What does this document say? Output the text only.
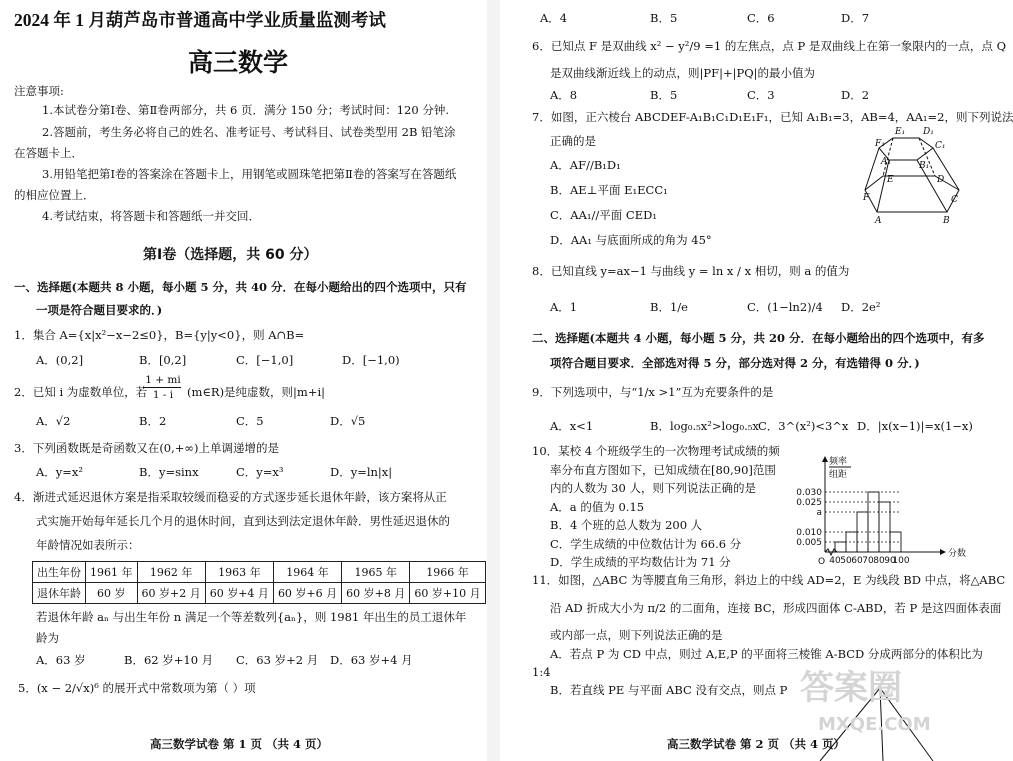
2024 年 1 月葫芦岛市普通高中学业质量监测考试
高三数学
注意事项:
1.本试卷分第Ⅰ卷、第Ⅱ卷两部分，共 6 页．满分 150 分；考试时间：120 分钟.
2.答题前，考生务必将自己的姓名、准考证号、考试科目、试卷类型用 2B 铅笔涂
在答题卡上．
3.用铅笔把第Ⅰ卷的答案涂在答题卡上，用钢笔或圆珠笔把第Ⅱ卷的答案写在答题纸
的相应位置上．
4.考试结束，将答题卡和答题纸一并交回．
第Ⅰ卷（选择题，共 60 分）
一、选择题(本题共 8 小题，每小题 5 分，共 40 分．在每小题给出的四个选项中，只有
一项是符合题目要求的．)
1．集合 A={x|x²−x−2≤0}，B={y|y<0}，则 A∩B=
A．(0,2]	B．[0,2]	C．[−1,0]	D．[−1,0)
2．已知 i 为虚数单位，若
1 + mi
1 - i	(m∈R)是纯虚数，则|m+i|
A．√2	B．2	C．5	D．√5
3．下列函数既是奇函数又在(0,+∞)上单调递增的是
A．y=x²	B．y=sinx	C．y=x³	D．y=ln|x|
4．渐进式延迟退休方案是指采取较缓而稳妥的方式逐步延长退休年龄，该方案将从正
式实施开始每年延长几个月的退休时间，直到达到法定退休年龄．男性延迟退休的
年龄情况如表所示：
出生年份	1961 年	1962 年	1963 年	1964 年	1965 年	1966 年
退休年龄	60 岁	60 岁+2 月	60 岁+4 月	60 岁+6 月	60 岁+8 月	60 岁+10 月
若退休年龄 aₙ 与出生年份 n 满足一个等差数列{aₙ}，则 1981 年出生的员工退休年
龄为
A．63 岁	B．62 岁+10 月 C．63 岁+2 月 D．63 岁+4 月
5．(x − 2/√x)⁶ 的展开式中常数项为第（ ）项
高三数学试卷 第 1 页 （共 4 页）
A．4	B．5	C．6	D．7
6．已知点 F 是双曲线 x² − y²/9 =1 的左焦点，点 P 是双曲线上在第一象限内的一点，点 Q
是双曲线渐近线上的动点，则|PF|+|PQ|的最小值为
A．8	B．5	C．3	D．2
7．如图，正六棱台 ABCDEF-A₁B₁C₁D₁E₁F₁，已知 A₁B₁=3，AB=4，AA₁=2，则下列说法
正确的是
A．AF//B₁D₁
B．AE⊥平面 E₁ECC₁
C．AA₁//平面 CED₁
D．AA₁ 与底面所成的角为 45°
E₁ D₁
F₁	C₁
A₁	B₁
E	D
F	C
A	B
8．已知直线 y=ax−1 与曲线 y = ln x / x 相切，则 a 的值为
A．1	B．1/e	C．(1−ln2)/4 D．2e²
二、选择题(本题共 4 小题，每小题 5 分，共 20 分．在每小题给出的四个选项中，有多
项符合题目要求．全部选对得 5 分，部分选对得 2 分，有选错得 0 分．)
9．下列选项中，与“1/x >1”互为充要条件的是
A．x<1	B．log₀.₅x²>log₀.₅x C．3^(x²)<3^x D．|x(x−1)|=x(1−x)
10．某校 4 个班级学生的一次物理考试成绩的频
率分布直方图如下，已知成绩在[80,90]范围
内的人数为 30 人，则下列说法正确的是
A．a 的值为 0.15
B．4 个班的总人数为 200 人
C．学生成绩的中位数估计为 66.6 分
D．学生成绩的平均数估计为 71 分
频率
组距
分数
O
0.030
0.025
a
0.010
0.005
40 50 60 70 80 90
100
11．如图，△ABC 为等腰直角三角形，斜边上的中线 AD=2，E 为线段 BD 中点，将△ABC
沿 AD 折成大小为 π/2 的二面角，连接 BC，形成四面体 C-ABD，若 P 是这四面体表面
或内部一点，则下列说法正确的是
A．若点 P 为 CD 中点，则过 A,E,P 的平面将三棱锥 A-BCD 分成两部分的体积比为
1:4
B．若直线 PE 与平面 ABC 没有交点，则点 P 答案圈
MXQE.COM
高三数学试卷 第 2 页 （共 4 页）
